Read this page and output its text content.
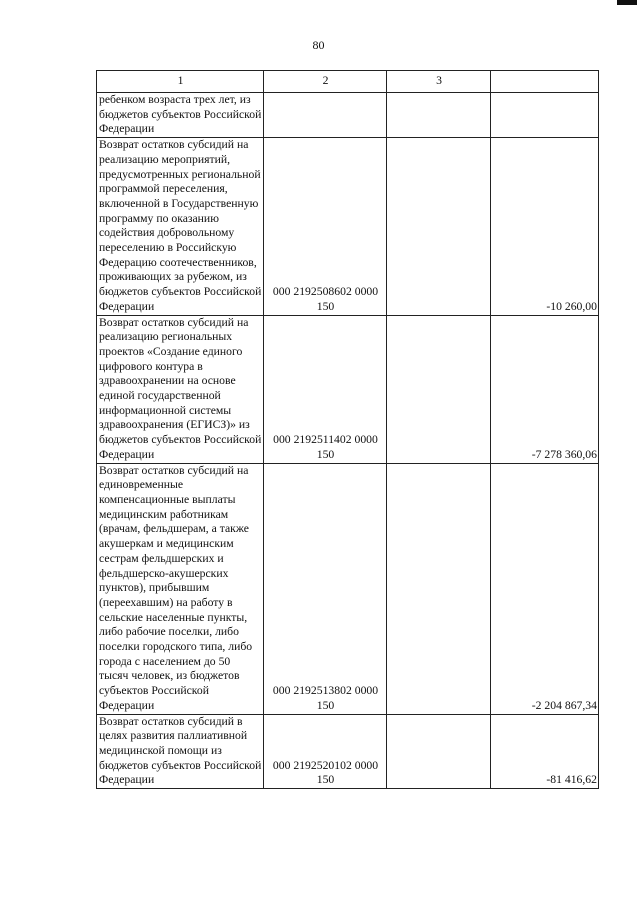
80
1	2	3	
ребенком возраста трех лет, из бюджетов субъектов Российской Федерации			
Возврат остатков субсидий на реализацию мероприятий, предусмотренных региональной программой переселения, включенной в Государственную программу по оказанию содействия добровольному переселению в Российскую Федерацию соотечественников, проживающих за рубежом, из бюджетов субъектов Российской Федерации	000 2192508602 0000 150		-10 260,00
Возврат остатков субсидий на реализацию региональных проектов «Создание единого цифрового контура в здравоохранении на основе единой государственной информационной системы здравоохранения (ЕГИСЗ)» из бюджетов субъектов Российской Федерации	000 2192511402 0000 150		-7 278 360,06
Возврат остатков субсидий на единовременные компенсационные выплаты медицинским работникам (врачам, фельдшерам, а также акушеркам и медицинским сестрам фельдшерских и фельдшерско-акушерских пунктов), прибывшим (переехавшим) на работу в сельские населенные пункты, либо рабочие поселки, либо поселки городского типа, либо города с населением до 50 тысяч человек, из бюджетов субъектов Российской Федерации	000 2192513802 0000 150		-2 204 867,34
Возврат остатков субсидий в целях развития паллиативной медицинской помощи из бюджетов субъектов Российской Федерации	000 2192520102 0000 150		-81 416,62
